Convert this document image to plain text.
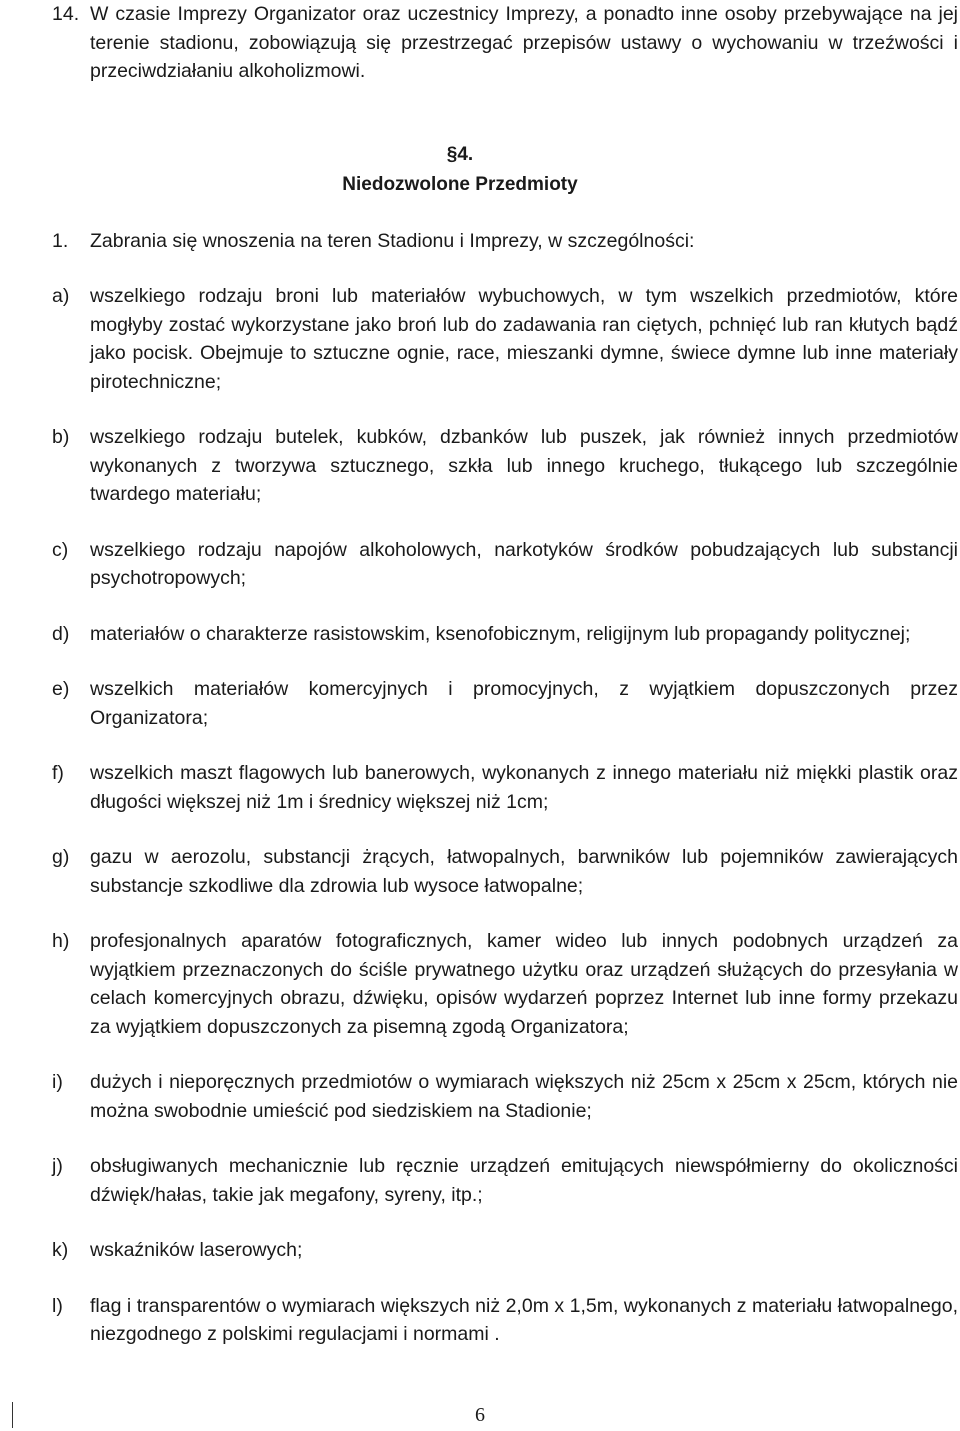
14. W czasie Imprezy Organizator oraz uczestnicy Imprezy, a ponadto inne osoby przebywające na jej terenie stadionu, zobowiązują się przestrzegać przepisów ustawy o wychowaniu w trzeźwości i przeciwdziałaniu alkoholizmowi.
§4.
Niedozwolone Przedmioty
1.	Zabrania się wnoszenia na teren Stadionu i Imprezy, w szczególności:
a)	wszelkiego rodzaju broni lub materiałów wybuchowych, w tym wszelkich przedmiotów, które mogłyby zostać wykorzystane jako broń lub do zadawania ran ciętych, pchnięć lub ran kłutych bądź jako pocisk. Obejmuje to sztuczne ognie, race, mieszanki dymne, świece dymne lub inne materiały pirotechniczne;
b)	wszelkiego rodzaju butelek, kubków, dzbanków lub puszek, jak również innych przedmiotów wykonanych z tworzywa sztucznego, szkła lub innego kruchego, tłukącego lub szczególnie twardego materiału;
c)	wszelkiego rodzaju napojów alkoholowych, narkotyków środków pobudzających lub substancji psychotropowych;
d)	materiałów o charakterze rasistowskim, ksenofobicznym, religijnym lub propagandy politycznej;
e)	wszelkich materiałów komercyjnych i promocyjnych, z wyjątkiem dopuszczonych przez Organizatora;
f)	wszelkich maszt flagowych lub banerowych, wykonanych z innego materiału niż miękki plastik oraz długości większej niż 1m i średnicy większej niż 1cm;
g)	gazu w aerozolu, substancji żrących, łatwopalnych, barwników lub pojemników zawierających substancje szkodliwe dla zdrowia lub wysoce łatwopalne;
h)	profesjonalnych aparatów fotograficznych, kamer wideo lub innych podobnych urządzeń za wyjątkiem przeznaczonych do ściśle prywatnego użytku oraz urządzeń służących do przesyłania w celach komercyjnych obrazu, dźwięku, opisów wydarzeń poprzez Internet lub inne formy przekazu za wyjątkiem dopuszczonych za pisemną zgodą Organizatora;
i)	dużych i nieporęcznych przedmiotów o wymiarach większych niż 25cm x 25cm x 25cm, których nie można swobodnie umieścić pod siedziskiem na Stadionie;
j)	obsługiwanych mechanicznie lub ręcznie urządzeń emitujących niewspółmierny do okoliczności dźwięk/hałas, takie jak megafony, syreny, itp.;
k)	wskaźników laserowych;
l)	flag i transparentów o wymiarach większych niż 2,0m x 1,5m, wykonanych z materiału łatwopalnego, niezgodnego z polskimi regulacjami i normami .
6
